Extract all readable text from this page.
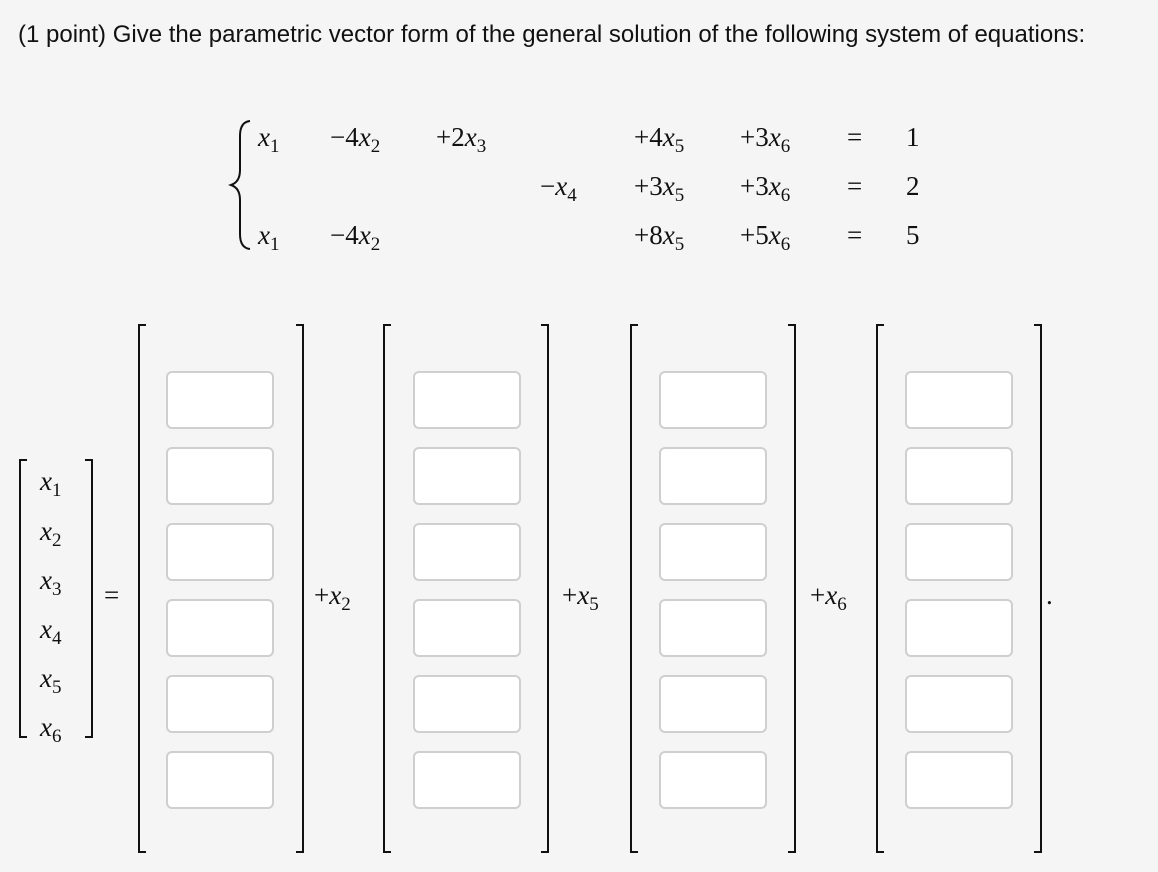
(1 point) Give the parametric vector form of the general solution of the following system of equations:
$x_1 -4x_2 +2x_3$	$+4x_5 +3x_6 = 1$
$-x_4 +3x_5 +3x_6 = 2$
$x_1 -4x_2$	$+8x_5 +5x_6 = 5$
$x_1$
$x_2$
$x_3$
$x_4$
$x_5$
$x_6$
=	$+x_2$	$+x_5$	$+x_6$	.
